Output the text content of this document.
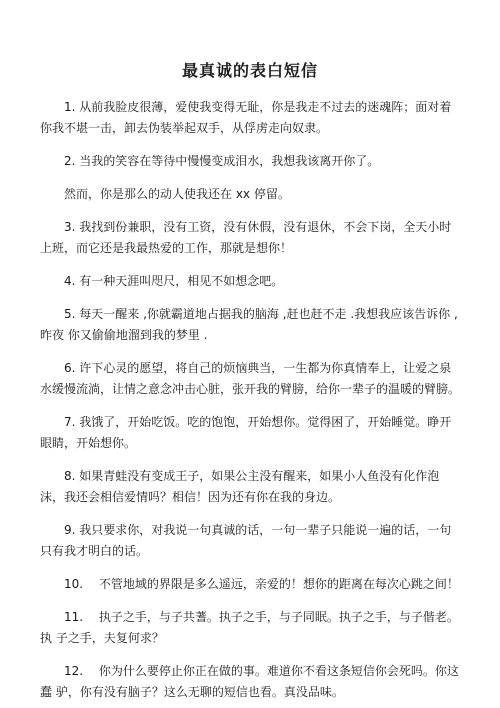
最真诚的表白短信
1. 从前我脸皮很薄，爱使我变得无耻，你是我走不过去的迷魂阵；面对着你我不堪一击，卸去伪装举起双手，从俘虏走向奴隶。
2. 当我的笑容在等待中慢慢变成泪水，我想我该离开你了。
然而，你是那么的动人使我还在 xx 停留。
3. 我找到份兼职，没有工资，没有休假，没有退休，不会下岗，全天小时上班，而它还是我最热爱的工作，那就是想你！
4. 有一种天涯叫咫尺，相见不如想念吧。
5. 每天一醒来 ,你就霸道地占据我的脑海 ,赶也赶不走 .我想我应该告诉你 ,昨夜 你又偷偷地溜到我的梦里 .
6. 许下心灵的愿望，将自己的烦恼典当，一生都为你真情奉上，让爱之泉水缓慢流淌，让情之意念冲击心脏，张开我的臂膀，给你一辈子的温暖的臂膀。
7. 我饿了，开始吃饭。吃的饱饱，开始想你。觉得困了，开始睡觉。睁开眼睛，开始想你。
8. 如果青蛙没有变成王子，如果公主没有醒来，如果小人鱼没有化作泡沫，我还会相信爱情吗？相信！因为还有你在我的身边。
9. 我只要求你，对我说一句真诚的话，一句一辈子只能说一遍的话，一句只有我才明白的话。
10.　 不管地域的界限是多么遥远，亲爱的！想你的距离在每次心跳之间！
11.　 执子之手，与子共蓍。执子之手，与子同眠。执子之手，与子偕老。执 子之手，夫复何求？
12.　 你为什么要停止你正在做的事。难道你不看这条短信你会死吗。你这蠢 驴，你有没有脑子？这么无聊的短信也看。真没品味。
